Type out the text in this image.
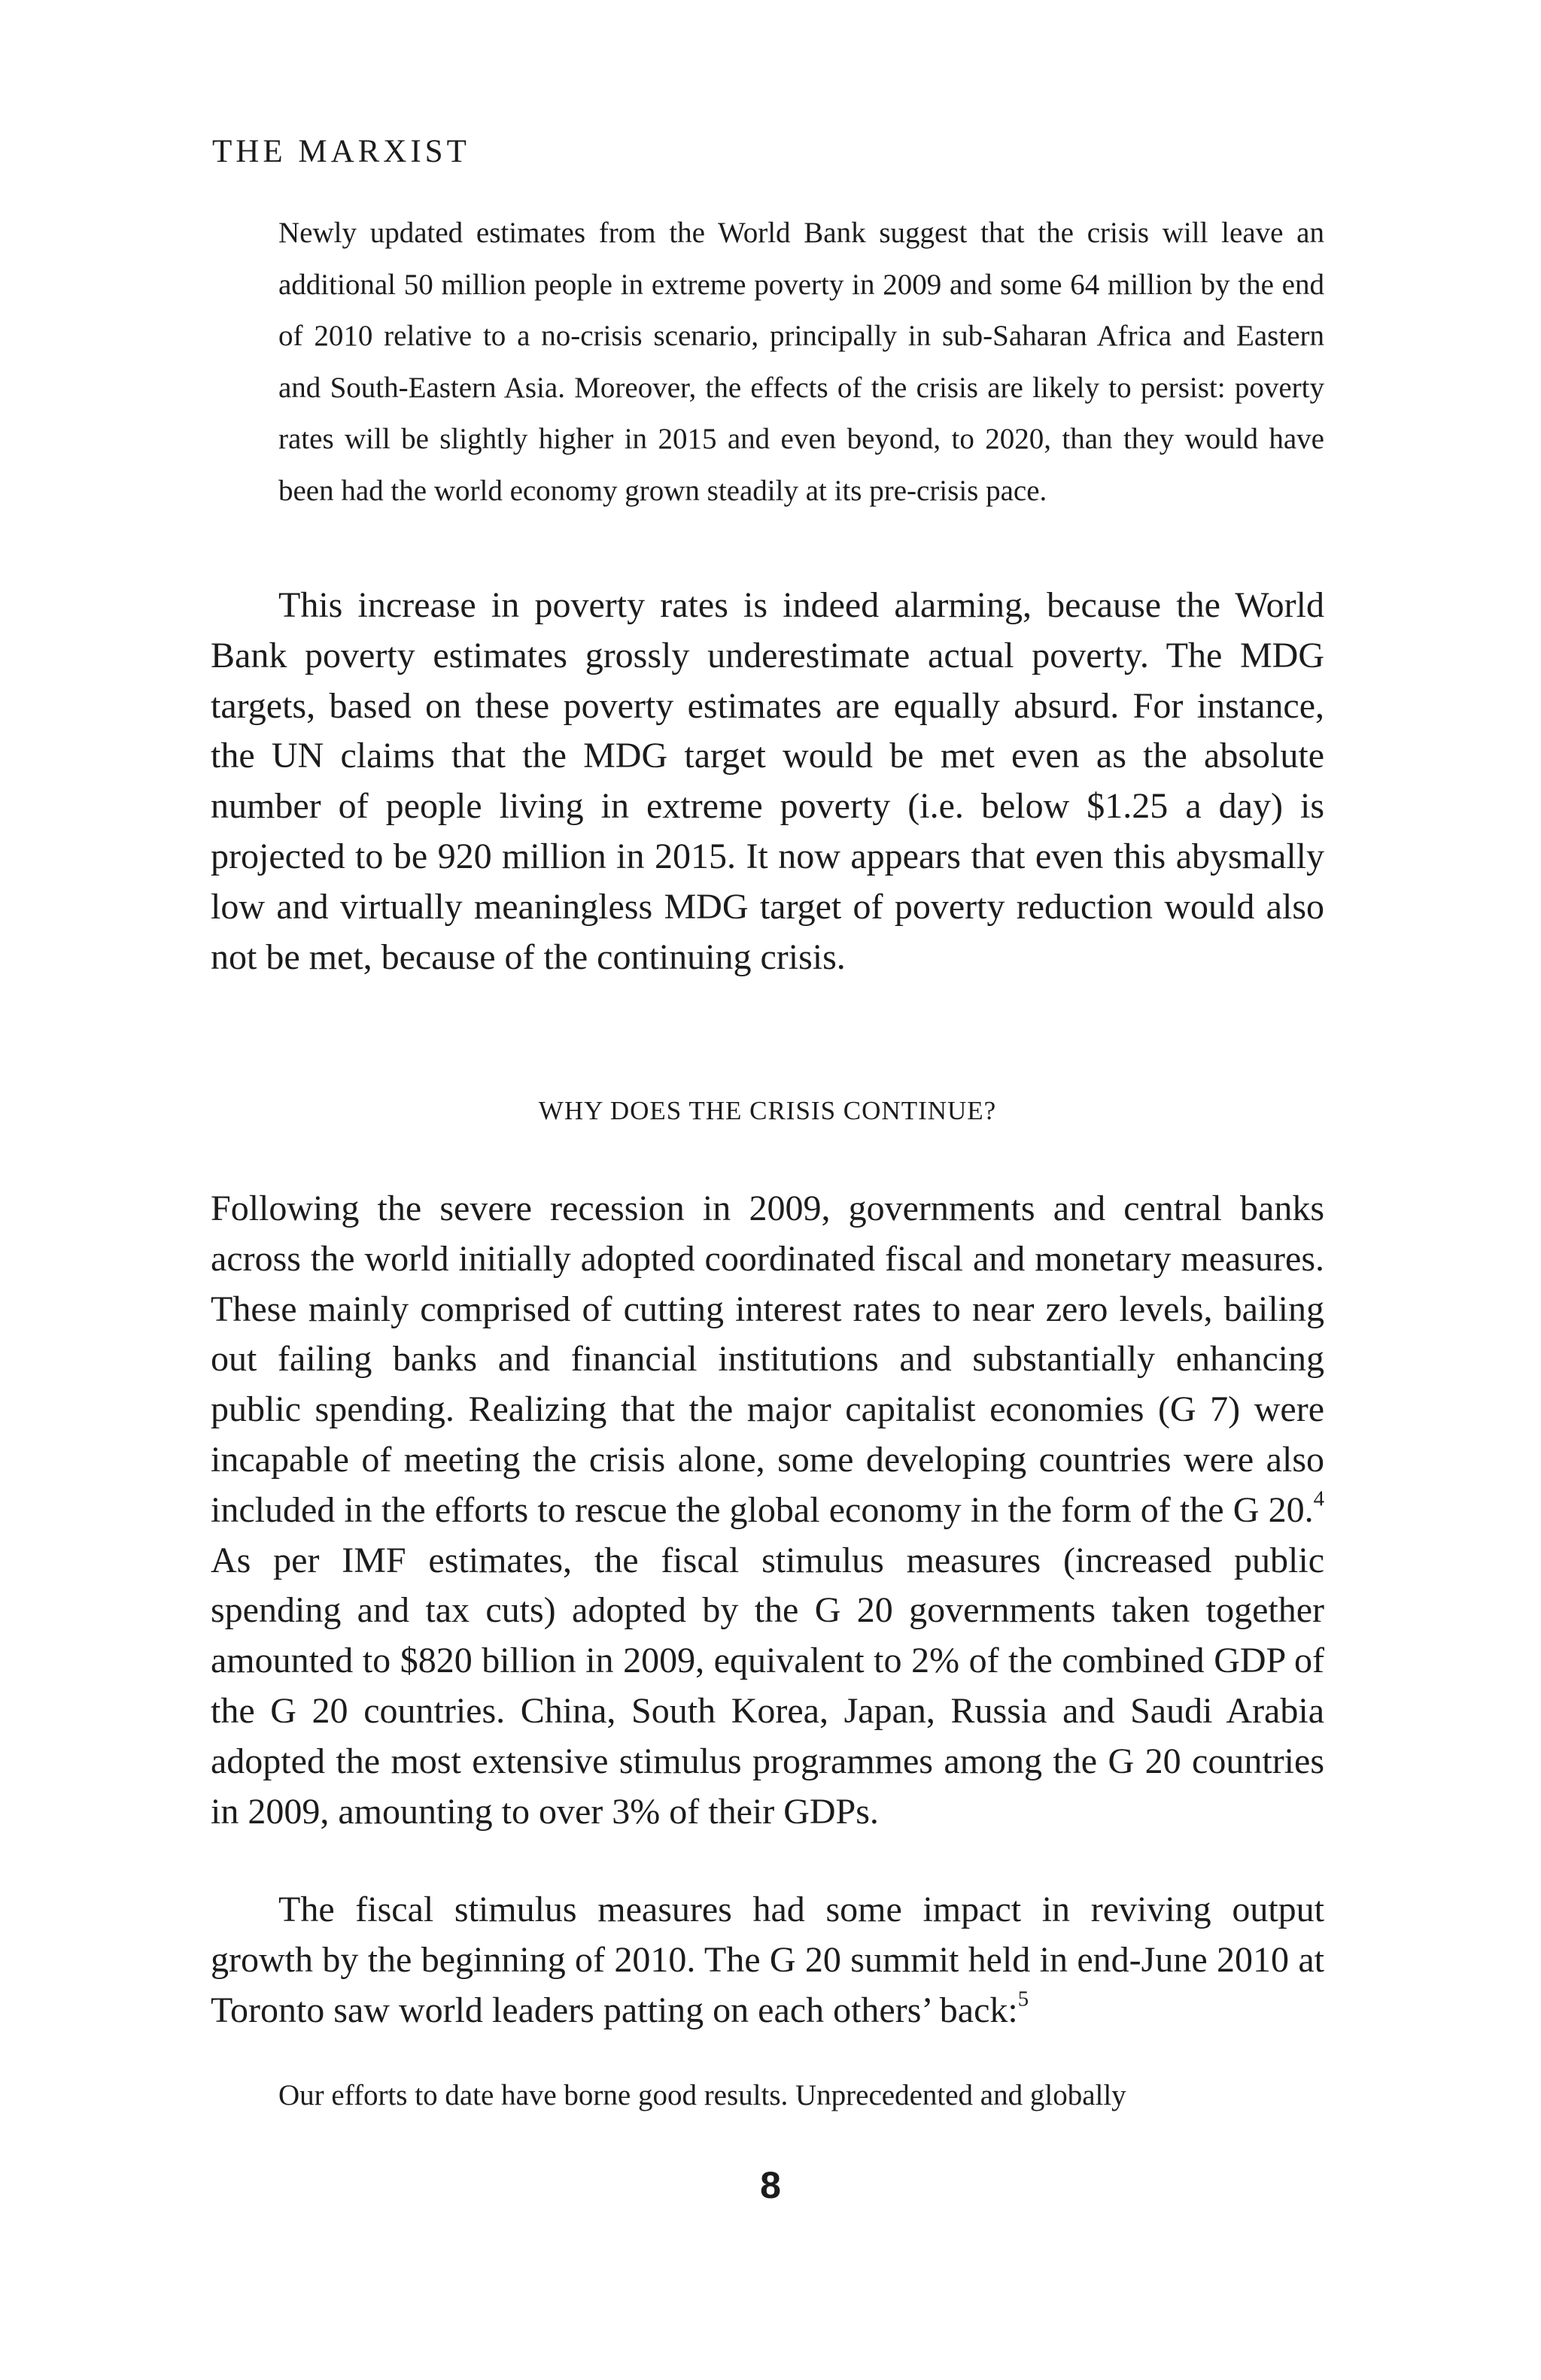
THE MARXIST

Newly updated estimates from the World Bank suggest that the crisis will leave an additional 50 million people in extreme poverty in 2009 and some 64 million by the end of 2010 relative to a no-crisis scenario, principally in sub-Saharan Africa and Eastern and South-Eastern Asia. Moreover, the effects of the crisis are likely to persist: poverty rates will be slightly higher in 2015 and even beyond, to 2020, than they would have been had the world economy grown steadily at its pre-crisis pace.

This increase in poverty rates is indeed alarming, because the World Bank poverty estimates grossly underestimate actual poverty. The MDG targets, based on these poverty estimates are equally absurd. For instance, the UN claims that the MDG target would be met even as the absolute number of people living in extreme poverty (i.e. below $1.25 a day) is projected to be 920 million in 2015. It now appears that even this abysmally low and virtually meaningless MDG target of poverty reduction would also not be met, because of the continuing crisis.

WHY DOES THE CRISIS CONTINUE?

Following the severe recession in 2009, governments and central banks across the world initially adopted coordinated fiscal and monetary measures. These mainly comprised of cutting interest rates to near zero levels, bailing out failing banks and financial institutions and substantially enhancing public spending. Realizing that the major capitalist economies (G 7) were incapable of meeting the crisis alone, some developing countries were also included in the efforts to rescue the global economy in the form of the G 20.$^4$ As per IMF estimates, the fiscal stimulus measures (increased public spending and tax cuts) adopted by the G 20 governments taken together amounted to $820 billion in 2009, equivalent to 2% of the combined GDP of the G 20 countries. China, South Korea, Japan, Russia and Saudi Arabia adopted the most extensive stimulus programmes among the G 20 countries in 2009, amounting to over 3% of their GDPs.

The fiscal stimulus measures had some impact in reviving output growth by the beginning of 2010. The G 20 summit held in end-June 2010 at Toronto saw world leaders patting on each others’ back:$^5$

Our efforts to date have borne good results. Unprecedented and globally

8
